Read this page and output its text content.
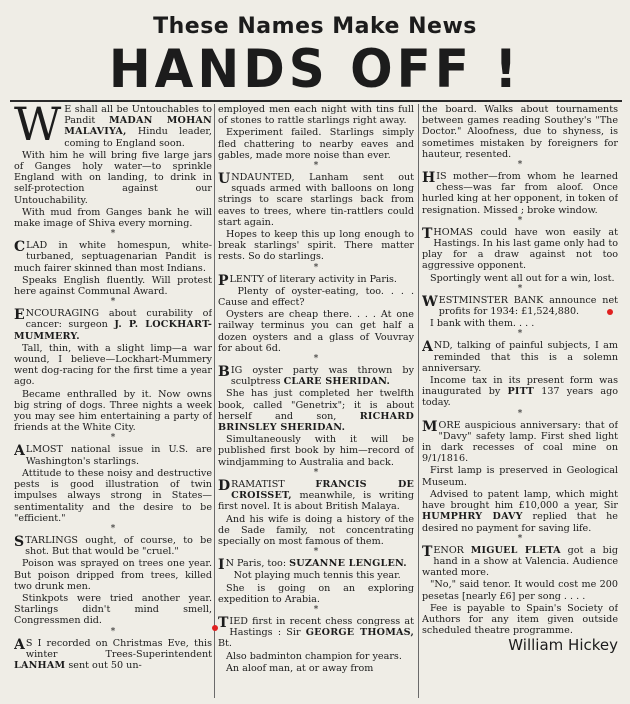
These Names Make News
HANDS OFF !

W E shall all be Untouchables to Pandit MADAN MOHAN MALAVIYA, Hindu leader, coming to England soon.

With him he will bring five large jars of Ganges holy water—to sprinkle England with on landing, to drink in self-protection against our Untouchability.

With mud from Ganges bank he will make image of Shiva every morning.

*

C LAD in white homespun, white-turbaned, septuagenarian Pandit is much fairer skinned than most Indians.

Speaks English fluently. Will protest here against Communal Award.

*

E NCOURAGING about curability of cancer: surgeon J. P. LOCKHART-MUMMERY.

Tall, thin, with a slight limp—a war wound, I believe—Lockhart-Mummery went dog-racing for the first time a year ago.

Became enthralled by it. Now owns big string of dogs. Three nights a week you may see him entertaining a party of friends at the White City.

*

A LMOST national issue in U.S. are Washington's starlings.

Attitude to these noisy and destructive pests is good illustration of twin impulses always strong in States—sentimentality and the desire to be "efficient."

*

S TARLINGS ought, of course, to be shot. But that would be "cruel."

Poison was sprayed on trees one year. But poison dripped from trees, killed two drunk men.

Stinkpots were tried another year. Starlings didn't mind smell, Congressmen did.

*

A S I recorded on Christmas Eve, this winter Trees-Superintendent LANHAM sent out 50 un-

employed men each night with tins full of stones to rattle starlings right away.

Experiment failed. Starlings simply fled chattering to nearby eaves and gables, made more noise than ever.

*

U NDAUNTED, Lanham sent out squads armed with balloons on long strings to scare starlings back from eaves to trees, where tin-rattlers could start again.

Hopes to keep this up long enough to break starlings' spirit. There matter rests. So do starlings.

*

P LENTY of literary activity in Paris.

Plenty of oyster-eating, too. . . . Cause and effect?

Oysters are cheap there. . . . At one railway terminus you can get half a dozen oysters and a glass of Vouvray for about 6d.

*

B IG oyster party was thrown by sculptress CLARE SHERIDAN.

She has just completed her twelfth book, called "Genetrix"; it is about herself and son, RICHARD BRINSLEY SHERIDAN.

Simultaneously with it will be published first book by him—record of windjamming to Australia and back.

*

D RAMATIST	FRANCIS DE CROISSET, meanwhile, is writing first novel. It is about British Malaya.

And his wife is doing a history of the de Sade family, not concentrating specially on most famous of them.

*

I N Paris, too: SUZANNE LENGLEN.

Not playing much tennis this year.

She is going on an exploring expedition to Arabia.

*

T IED first in recent chess congress at Hastings : Sir GEORGE THOMAS, Bt.

Also badminton champion for years.

An aloof man, at or away from

the board. Walks about tournaments between games reading Southey's "The Doctor." Aloofness, due to shyness, is sometimes mistaken by foreigners for hauteur, resented.

*

H IS mother—from whom he learned chess—was far from aloof. Once hurled king at her opponent, in token of resignation. Missed ; broke window.

*

T HOMAS could have won easily at Hastings. In his last game only had to play for a draw against not too aggressive opponent.

Sportingly went all out for a win, lost.

*

W ESTMINSTER BANK announce net profits for 1934: £1,524,880.

I bank with them. . . .

*

A ND, talking of painful subjects, I am reminded that this is a solemn anniversary.

Income tax in its present form was inaugurated by PITT 137 years ago today.

*

M ORE auspicious anniversary: that of "Davy" safety lamp. First shed light in dark recesses of coal mine on 9/1/1816.

First lamp is preserved in Geological Museum.

Advised to patent lamp, which might have brought him £10,000 a year, Sir HUMPHRY DAVY replied that he desired no payment for saving life.

*

T ENOR MIGUEL FLETA got a big hand in a show at Valencia. Audience wanted more.

"No," said tenor. It would cost me 200 pesetas [nearly £6] per song . . . .

Fee is payable to Spain's Society of Authors for any item given outside scheduled theatre programme.

William Hickey
